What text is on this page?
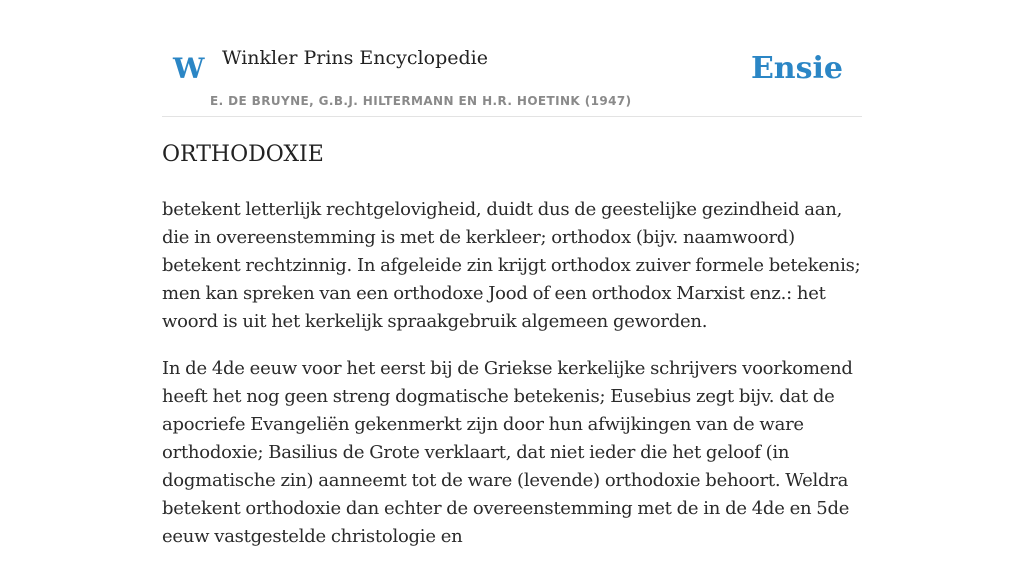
W Winkler Prins Encyclopedie
E. DE BRUYNE, G.B.J. HILTERMANN EN H.R. HOETINK (1947)
Ensie
ORTHODOXIE

betekent letterlijk rechtgelovigheid, duidt dus de geestelijke gezindheid aan, die in overeenstemming is met de kerkleer; orthodox (bijv. naamwoord) betekent rechtzinnig. In afgeleide zin krijgt orthodox zuiver formele betekenis; men kan spreken van een orthodoxe Jood of een orthodox Marxist enz.: het woord is uit het kerkelijk spraakgebruik algemeen geworden.

In de 4de eeuw voor het eerst bij de Griekse kerkelijke schrijvers voorkomend heeft het nog geen streng dogmatische betekenis; Eusebius zegt bijv. dat de apocriefe Evangeliën gekenmerkt zijn door hun afwijkingen van de ware orthodoxie; Basilius de Grote verklaart, dat niet ieder die het geloof (in dogmatische zin) aanneemt tot de ware (levende) orthodoxie behoort. Weldra betekent orthodoxie dan echter de overeenstemming met de in de 4de en 5de eeuw vastgestelde christologie en
